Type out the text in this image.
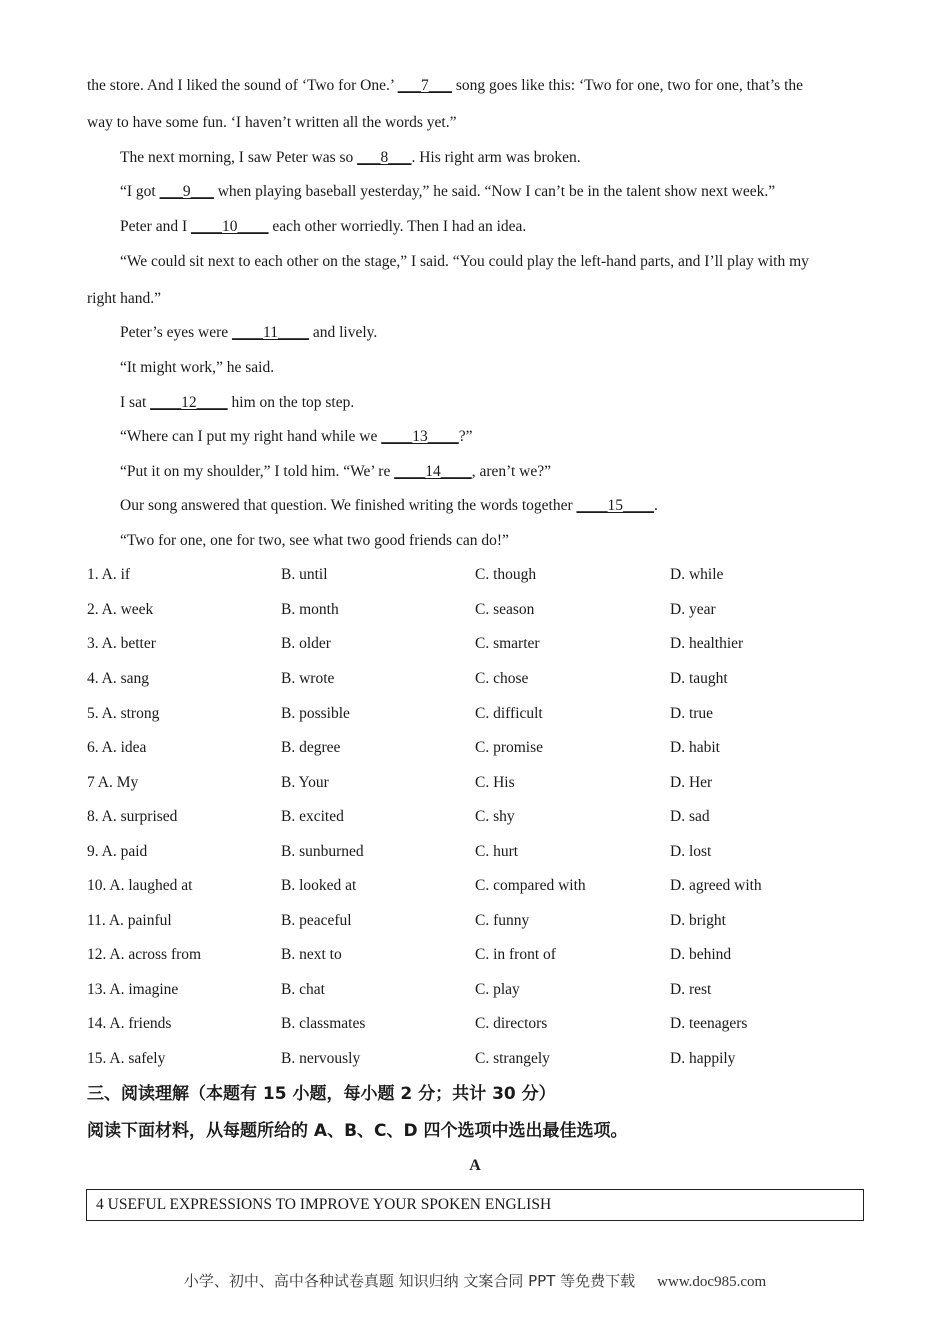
the store. And I liked the sound of ‘Two for One.’ ___7___ song goes like this: ‘Two for one, two for one, that’s the
way to have some fun. ‘I haven’t written all the words yet.”
The next morning, I saw Peter was so ___8___. His right arm was broken.
“I got ___9___ when playing baseball yesterday,” he said. “Now I can’t be in the talent show next week.”
Peter and I ____10____ each other worriedly. Then I had an idea.
“We could sit next to each other on the stage,” I said. “You could play the left-hand parts, and I’ll play with my
right hand.”
Peter’s eyes were ____11____ and lively.
“It might work,” he said.
I sat ____12____ him on the top step.
“Where can I put my right hand while we ____13____?”
“Put it on my shoulder,” I told him. “We’ re ____14____, aren’t we?”
Our song answered that question. We finished writing the words together ____15____.
“Two for one, one for two, see what two good friends can do!”
1. A. if	B. until	C. though	D. while
2. A. week	B. month	C. season	D. year
3. A. better	B. older	C. smarter	D. healthier
4. A. sang	B. wrote	C. chose	D. taught
5. A. strong	B. possible	C. difficult	D. true
6. A. idea	B. degree	C. promise	D. habit
7 A. My	B. Your	C. His	D. Her
8. A. surprised	B. excited	C. shy	D. sad
9. A. paid	B. sunburned	C. hurt	D. lost
10. A. laughed at	B. looked at	C. compared with	D. agreed with
11. A. painful	B. peaceful	C. funny	D. bright
12. A. across from	B. next to	C. in front of	D. behind
13. A. imagine	B. chat	C. play	D. rest
14. A. friends	B. classmates	C. directors	D. teenagers
15. A. safely	B. nervously	C. strangely	D. happily
三、阅读理解（本题有 15 小题，每小题 2 分；共计 30 分）
阅读下面材料，从每题所给的 A、B、C、D 四个选项中选出最佳选项。
A
4 USEFUL EXPRESSIONS TO IMPROVE YOUR SPOKEN ENGLISH
小学、初中、高中各种试卷真题 知识归纳 文案合同 PPT 等免费下载 www.doc985.com
